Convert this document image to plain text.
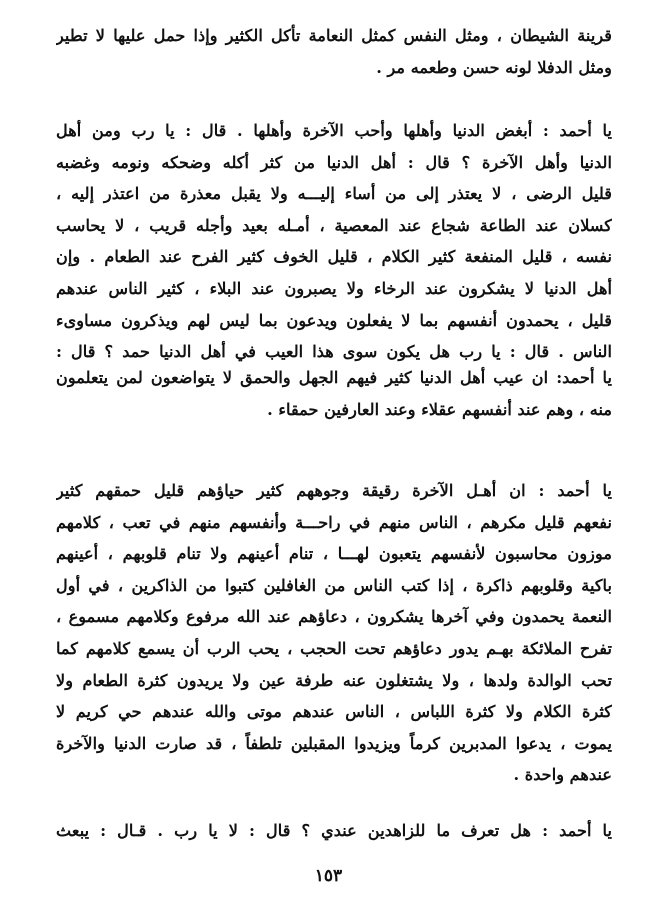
قرينة الشيطان ، ومثل النفس كمثل النعامة تأكل الكثير وإذا حمل عليها لا تطير
ومثل الدفلا لونه حسن وطعمه مر .
يا أحمد : أبغض الدنيا وأهلها وأحب الآخرة وأهلها . قال : يا رب ومن أهل
الدنيا وأهل الآخرة ؟ قال : أهل الدنيا من كثر أكله وضحكه ونومه وغضبه
قليل الرضى ، لا يعتذر إلى من أساء إليـــه ولا يقبل معذرة من اعتذر إليه ،
كسلان عند الطاعة شجاع عند المعصية ، أمـله بعيد وأجله قريب ، لا يحاسب
نفسه ، قليل المنفعة كثير الكلام ، قليل الخوف كثير الفرح عند الطعام . وإن
أهل الدنيا لا يشكرون عند الرخاء ولا يصبرون عند البلاء ، كثير الناس عندهم
قليل ، يحمدون أنفسهم بما لا يفعلون ويدعون بما ليس لهم ويذكرون مساوىء
الناس . قال : يا رب هل يكون سوى هذا العيب في أهل الدنيا حمد ؟ قال :
يا أحمد: ان عيب أهل الدنيا كثير فيهم الجهل والحمق لا يتواضعون لمن يتعلمون
منه ، وهم عند أنفسهم عقلاء وعند العارفين حمقاء .
يا أحمد : ان أهـل الآخرة رقيقة وجوههم كثير حياؤهم قليل حمقهم كثير
نفعهم قليل مكرهم ، الناس منهم في راحـــة وأنفسهم منهم في تعب ، كلامهم
موزون محاسبون لأنفسهم يتعبون لهـــا ، تنام أعينهم ولا تنام قلوبهم ، أعينهم
باكية وقلوبهم ذاكرة ، إذا كتب الناس من الغافلين كتبوا من الذاكرين ، في أول
النعمة يحمدون وفي آخرها يشكرون ، دعاؤهم عند الله مرفوع وكلامهم مسموع ،
تفرح الملائكة بهـم يدور دعاؤهم تحت الحجب ، يحب الرب أن يسمع كلامهم كما
تحب الوالدة ولدها ، ولا يشتغلون عنه طرفة عين ولا يريدون كثرة الطعام ولا
كثرة الكلام ولا كثرة اللباس ، الناس عندهم موتى والله عندهم حي كريم لا
يموت ، يدعوا المدبرين كرماً ويزيدوا المقبلين تلطفاً ، قد صارت الدنيا والآخرة
عندهم واحدة .
يا أحمد : هل تعرف ما للزاهدين عندي ؟ قال : لا يا رب . قـال : يبعث
١٥٣
